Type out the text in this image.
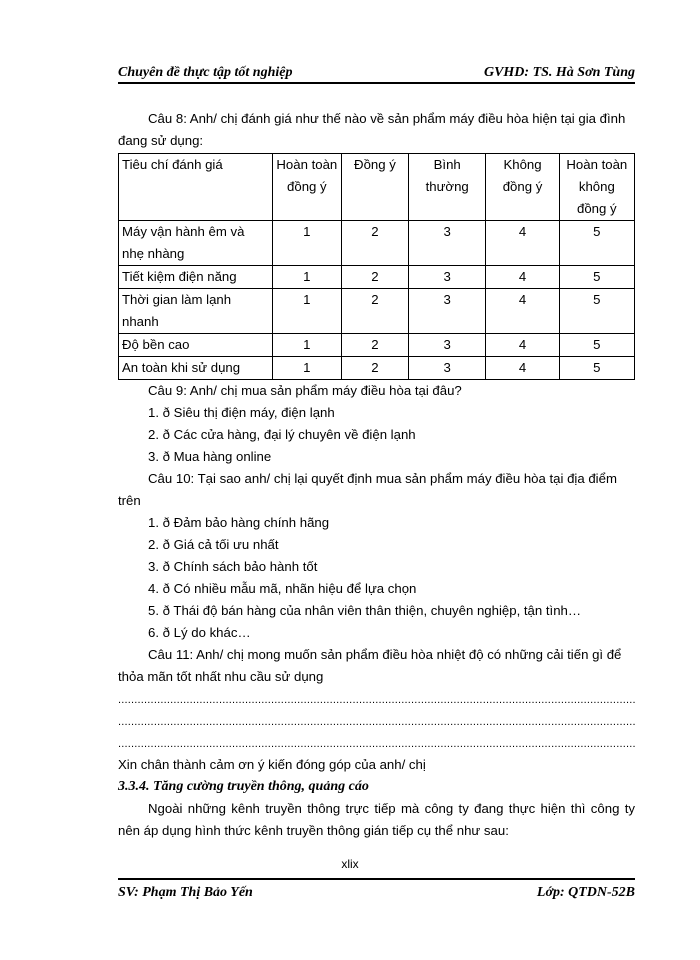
Chuyên đề thực tập tốt nghiệp	GVHD: TS. Hà Sơn Tùng

Câu 8: Anh/ chị đánh giá như thế nào về sản phẩm máy điều hòa hiện tại gia đình đang sử dụng:

Tiêu chí đánh giá	Hoàn toàn đồng ý	Đồng ý	Bình thường	Không đồng ý	Hoàn toàn không đồng ý
Máy vận hành êm và nhẹ nhàng	1	2	3	4	5
Tiết kiệm điện năng	1	2	3	4	5
Thời gian làm lạnh nhanh	1	2	3	4	5
Độ bền cao	1	2	3	4	5
An toàn khi sử dụng	1	2	3	4	5

Câu 9: Anh/ chị mua sản phẩm máy điều hòa tại đâu?

1. ð Siêu thị điện máy, điện lạnh

2. ð Các cửa hàng, đại lý chuyên về điện lạnh

3. ð Mua hàng online

Câu 10: Tại sao anh/ chị lại quyết định mua sản phẩm máy điều hòa tại địa điểm trên

1. ð Đảm bảo hàng chính hãng

2. ð Giá cả tối ưu nhất

3. ð Chính sách bảo hành tốt

4. ð Có nhiều mẫu mã, nhãn hiệu để lựa chọn

5. ð Thái độ bán hàng của nhân viên thân thiện, chuyên nghiệp, tận tình…

6. ð Lý do khác…

Câu 11: Anh/ chị mong muốn sản phẩm điều hòa nhiệt độ có những cải tiến gì để thỏa mãn tốt nhất nhu cầu sử dụng

.....

.....

.....

Xin chân thành cảm ơn ý kiến đóng góp của anh/ chị

3.3.4. Tăng cường truyền thông, quảng cáo

Ngoài những kênh truyền thông trực tiếp mà công ty đang thực hiện thì công ty nên áp dụng hình thức kênh truyền thông gián tiếp cụ thể như sau:

xlix
SV: Phạm Thị Bảo Yến	Lớp: QTDN-52B
